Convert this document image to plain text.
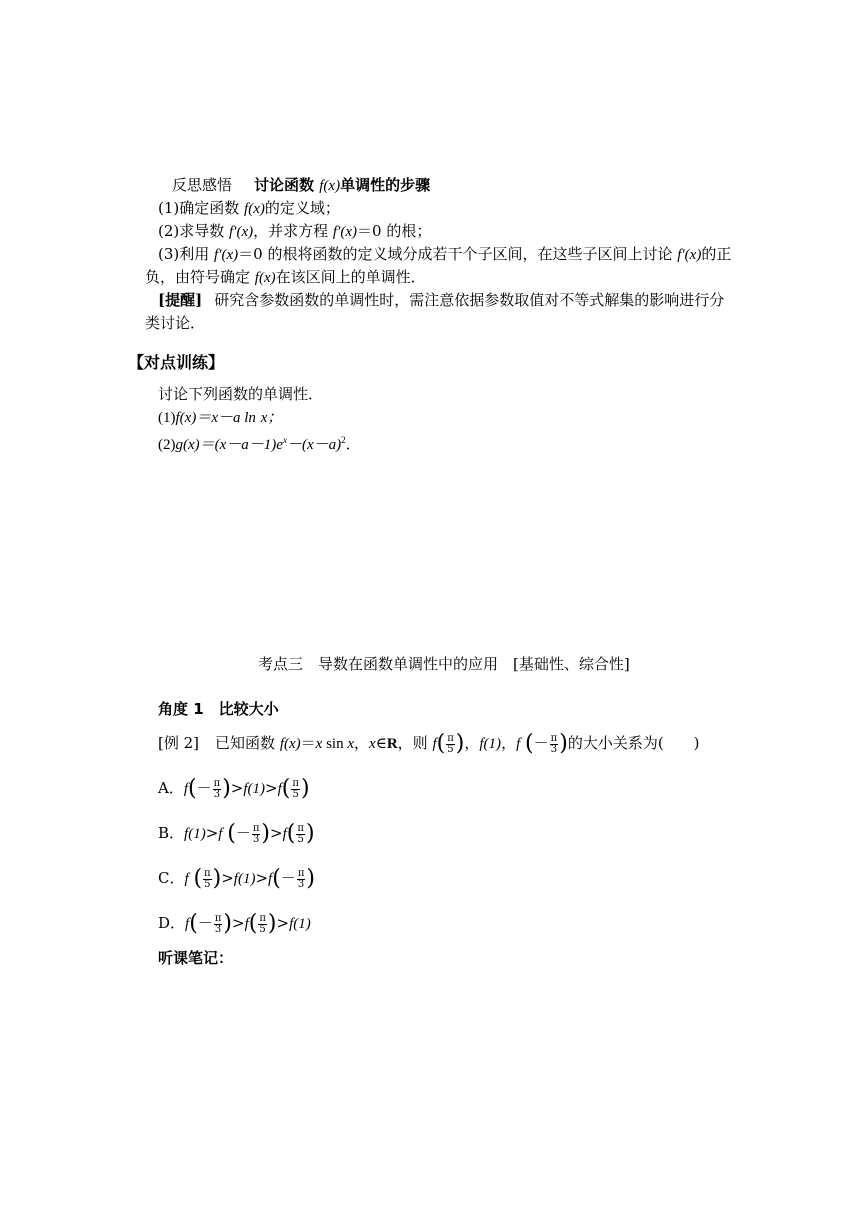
反思感悟 讨论函数 f(x)单调性的步骤
(1)确定函数 f(x)的定义域；
(2)求导数 f′(x)，并求方程 f′(x)＝0 的根；
(3)利用 f′(x)＝0 的根将函数的定义域分成若干个子区间，在这些子区间上讨论 f′(x)的正
负，由符号确定 f(x)在该区间上的单调性．
[提醒] 研究含参数函数的单调性时，需注意依据参数取值对不等式解集的影响进行分
类讨论．
【对点训练】
讨论下列函数的单调性．
(1)f(x)＝x－a ln x；
$(2)g(x)=(x-a-1)e^x-(x-a)^2$．
考点三　导数在函数单调性中的应用　[基础性、综合性]
角度 1　比较大小
[例 2] 已知函数 f(x)＝x sin x，x∈R，则 $f( \frac{\pi}{5}$ )，f(1)，f (－ $\frac{\pi}{3}$ )的大小关系为(　　)
A．$f(- \frac{\pi}{3} )>f(1)>f( \frac{\pi}{5}$ )
B．f(1)>f (－ $\frac{\pi}{3} )>f( \frac{\pi}{5}$ )
C．f ( $\frac{\pi}{5} )>f(1)>f(- \frac{\pi}{3}$ )
D．$f(- \frac{\pi}{3} )>f( \frac{\pi}{5} )>f(1)$
听课笔记：
